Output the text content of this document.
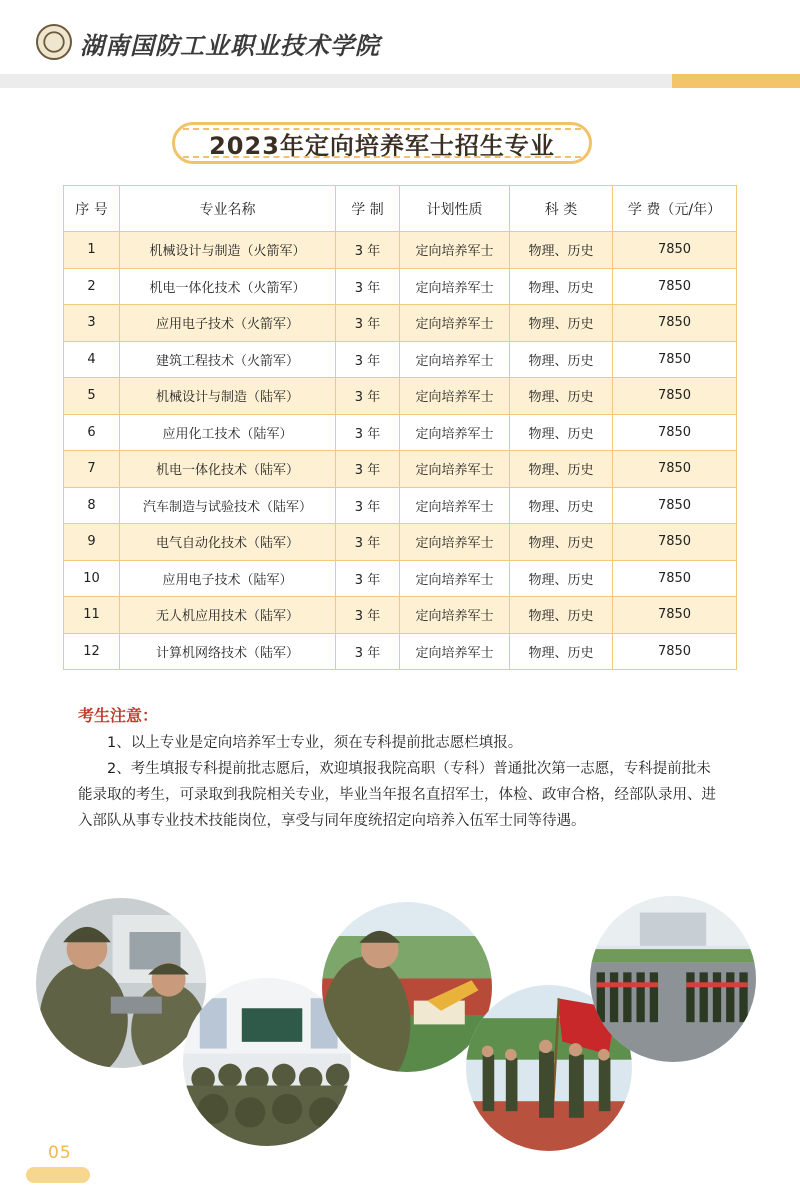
湖南国防工业职业技术学院
2023年定向培养军士招生专业
序 号	专业名称	学 制	计划性质	科 类	学 费（元/年）
1	机械设计与制造（火箭军）	3 年	定向培养军士	物理、历史	7850
2	机电一体化技术（火箭军）	3 年	定向培养军士	物理、历史	7850
3	应用电子技术（火箭军）	3 年	定向培养军士	物理、历史	7850
4	建筑工程技术（火箭军）	3 年	定向培养军士	物理、历史	7850
5	机械设计与制造（陆军）	3 年	定向培养军士	物理、历史	7850
6	应用化工技术（陆军）	3 年	定向培养军士	物理、历史	7850
7	机电一体化技术（陆军）	3 年	定向培养军士	物理、历史	7850
8	汽车制造与试验技术（陆军）	3 年	定向培养军士	物理、历史	7850
9	电气自动化技术（陆军）	3 年	定向培养军士	物理、历史	7850
10	应用电子技术（陆军）	3 年	定向培养军士	物理、历史	7850
11	无人机应用技术（陆军）	3 年	定向培养军士	物理、历史	7850
12	计算机网络技术（陆军）	3 年	定向培养军士	物理、历史	7850
考生注意：

1、以上专业是定向培养军士专业，须在专科提前批志愿栏填报。

2、考生填报专科提前批志愿后，欢迎填报我院高职（专科）普通批次第一志愿，专科提前批未能录取的考生，可录取到我院相关专业，毕业当年报名直招军士，体检、政审合格，经部队录用、进入部队从事专业技术技能岗位，享受与同年度统招定向培养入伍军士同等待遇。

05
